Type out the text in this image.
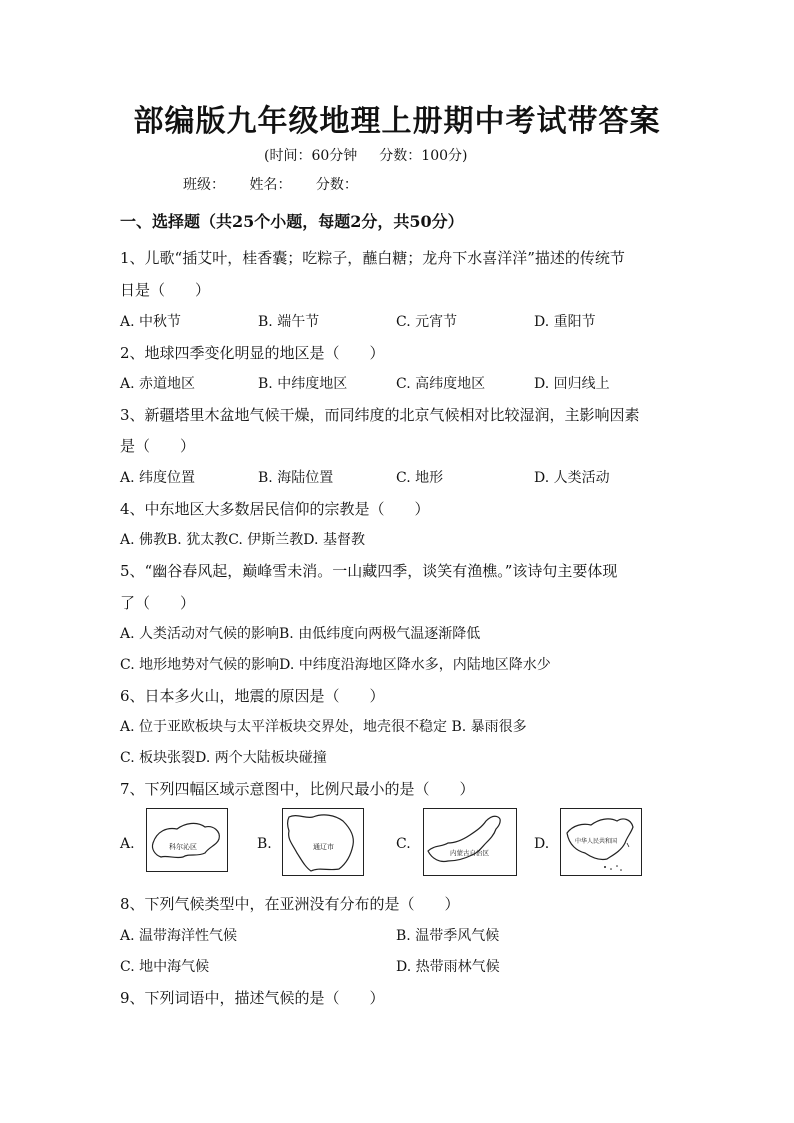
部编版九年级地理上册期中考试带答案
(时间：60分钟 分数：100分)
班级： 姓名： 分数：
一、选择题（共25个小题，每题2分，共50分）
1、儿歌“插艾叶，桂香囊；吃粽子，蘸白糖；龙舟下水喜洋洋”描述的传统节
日是（　　）
A. 中秋节	B. 端午节	C. 元宵节	D. 重阳节
2、地球四季变化明显的地区是（　　）
A. 赤道地区	B. 中纬度地区	C. 高纬度地区	D. 回归线上
3、新疆塔里木盆地气候干燥，而同纬度的北京气候相对比较湿润，主影响因素
是（　　）
A. 纬度位置	B. 海陆位置	C. 地形	D. 人类活动
4、中东地区大多数居民信仰的宗教是（　　）
A. 佛教B. 犹太教C. 伊斯兰教D. 基督教
5、“幽谷春风起，巅峰雪未消。一山藏四季，谈笑有渔樵。”该诗句主要体现
了（　　）
A. 人类活动对气候的影响B. 由低纬度向两极气温逐渐降低
C. 地形地势对气候的影响D. 中纬度沿海地区降水多，内陆地区降水少
6、日本多火山，地震的原因是（　　）
A. 位于亚欧板块与太平洋板块交界处，地壳很不稳定 B. 暴雨很多
C. 板块张裂D. 两个大陆板块碰撞
7、下列四幅区域示意图中，比例尺最小的是（　　）
A.	科尔沁区	B.	通辽市	C.
内蒙古自治区
D.	中华人民共和国
8、下列气候类型中，在亚洲没有分布的是（　　）
A. 温带海洋性气候	B. 温带季风气候
C. 地中海气候	D. 热带雨林气候
9、下列词语中，描述气候的是（　　）
